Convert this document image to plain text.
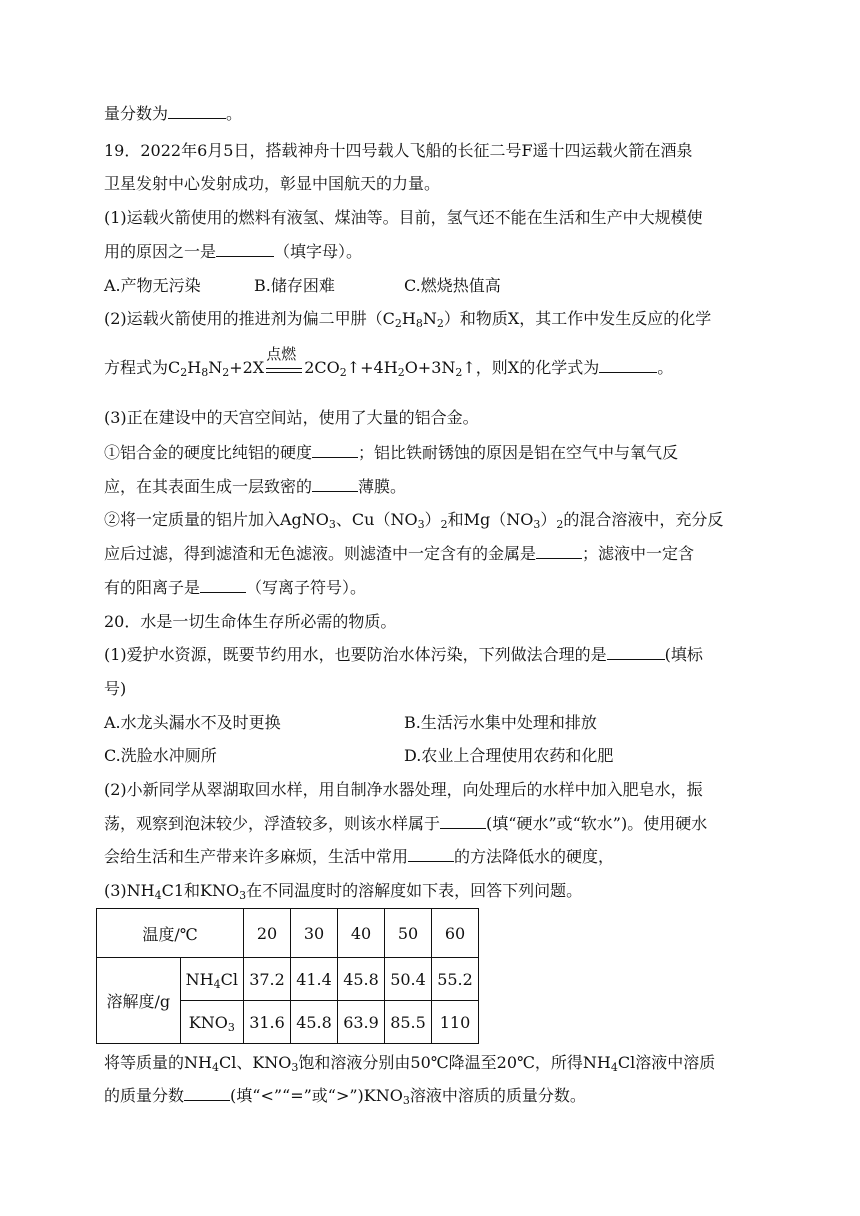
量分数为	。
19．2022年6月5日，搭载神舟十四号载人飞船的长征二号F遥十四运载火箭在酒泉
卫星发射中心发射成功，彰显中国航天的力量。
(1)运载火箭使用的燃料有液氢、煤油等。目前，氢气还不能在生活和生产中大规模使
用的原因之一是	（填字母）。
A.产物无污染	B.储存困难	C.燃烧热值高
(2)运载火箭使用的推进剂为偏二甲肼$(C_2H_8N_2)$和物质X，其工作中发生反应的化学
方程式为$C_2H_8N_2+2X$
点燃
$2CO_2↑+4H_2O+3N_2↑$，则X的化学式为	。
(3)正在建设中的天宫空间站，使用了大量的铝合金。
①铝合金的硬度比纯铝的硬度	；铝比铁耐锈蚀的原因是铝在空气中与氧气反
应，在其表面生成一层致密的	薄膜。
②将一定质量的铝片加入AgNO$_3$、$Cu(NO_3)_2$和$Mg(NO_3)_2$的混合溶液中，充分反
应后过滤，得到滤渣和无色滤液。则滤渣中一定含有的金属是	；滤液中一定含
有的阳离子是	（写离子符号）。
20．水是一切生命体生存所必需的物质。
(1)爱护水资源，既要节约用水，也要防治水体污染，下列做法合理的是	(填标
号)
A.水龙头漏水不及时更换	B.生活污水集中处理和排放
C.洗脸水冲厕所	D.农业上合理使用农药和化肥
(2)小新同学从翠湖取回水样，用自制净水器处理，向处理后的水样中加入肥皂水，振
荡，观察到泡沫较少，浮渣较多，则该水样属于	(填“硬水”或“软水”)。使用硬水
会给生活和生产带来许多麻烦，生活中常用	的方法降低水的硬度，
$(3)NH_4C1$和$KNO_3$在不同温度时的溶解度如下表，回答下列问题。
温度/℃		20	30	40	50	60
溶解度/g	$NH_4Cl$	37.2	41.4	45.8	50.4	55.2
	$KNO_3$	31.6	45.8	63.9	85.5	110
将等质量的$NH_4Cl$、$KNO_3$饱和溶液分别由50℃降温至20℃，所得$NH_4Cl$溶液中溶质
的质量分数	(填“<”“=”或“$>”)KNO_3$溶液中溶质的质量分数。
